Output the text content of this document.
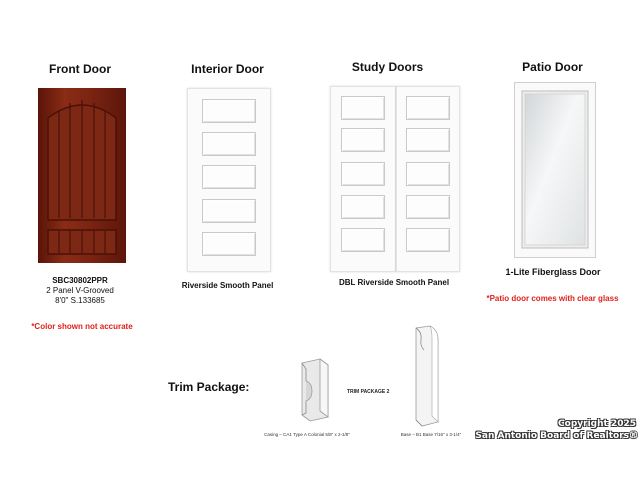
Front Door
SBC30802PPR
2 Panel V-Grooved
8'0" S.133685
*Color shown not accurate
Interior Door
Riverside Smooth Panel
Study Doors
DBL Riverside Smooth Panel
Patio Door
1-Lite Fiberglass Door
*Patio door comes with clear glass
Trim Package:	TRIM PACKAGE 2
Casing – CA1 Type A Colonial 5/8" x 2-1/8"	Base – B1 Base 7/16" x 3-1/4"
Copyright 2025
San Antonio Board of Realtors®
